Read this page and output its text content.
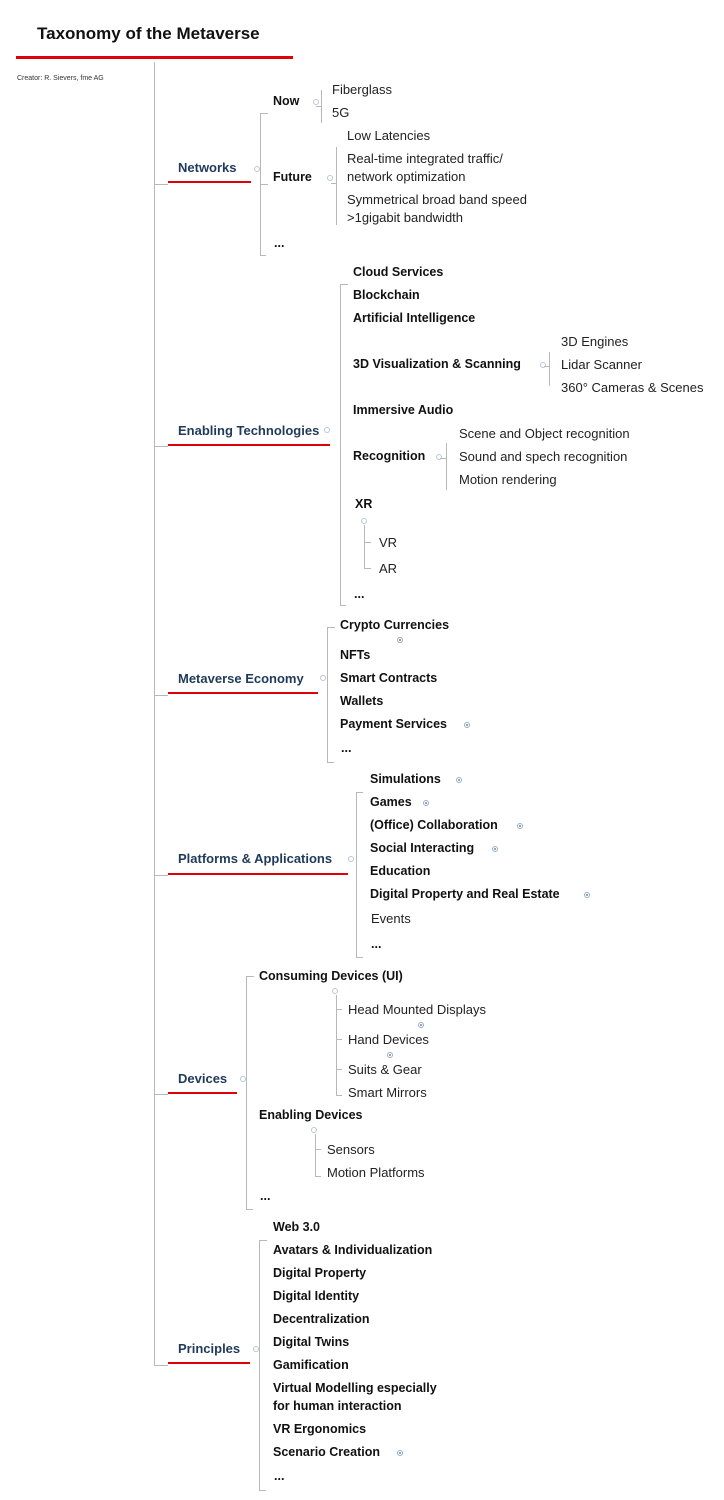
Taxonomy of the Metaverse
Creator: R. Sievers, fme AG
Networks
Now
Fiberglass
5G
Future
Low Latencies
Real-time integrated traffic/
network optimization
Symmetrical broad band speed
>1gigabit bandwidth
...
Enabling Technologies
Cloud Services
Blockchain
Artificial Intelligence
3D Visualization & Scanning
3D Engines
Lidar Scanner
360° Cameras & Scenes
Immersive Audio
Recognition
Scene and Object recognition
Sound and spech recognition
Motion rendering
XR
VR
AR
...
Metaverse Economy
Crypto Currencies
NFTs
Smart Contracts
Wallets
Payment Services
...
Platforms & Applications
Simulations
Games
(Office) Collaboration
Social Interacting
Education
Digital Property and Real Estate
Events
...
Devices
Consuming Devices (UI)
Head Mounted Displays
Hand Devices
Suits & Gear
Smart Mirrors
Enabling Devices
Sensors
Motion Platforms
...
Principles
Web 3.0
Avatars & Individualization
Digital Property
Digital Identity
Decentralization
Digital Twins
Gamification
Virtual Modelling especially
for human interaction
VR Ergonomics
Scenario Creation
...
